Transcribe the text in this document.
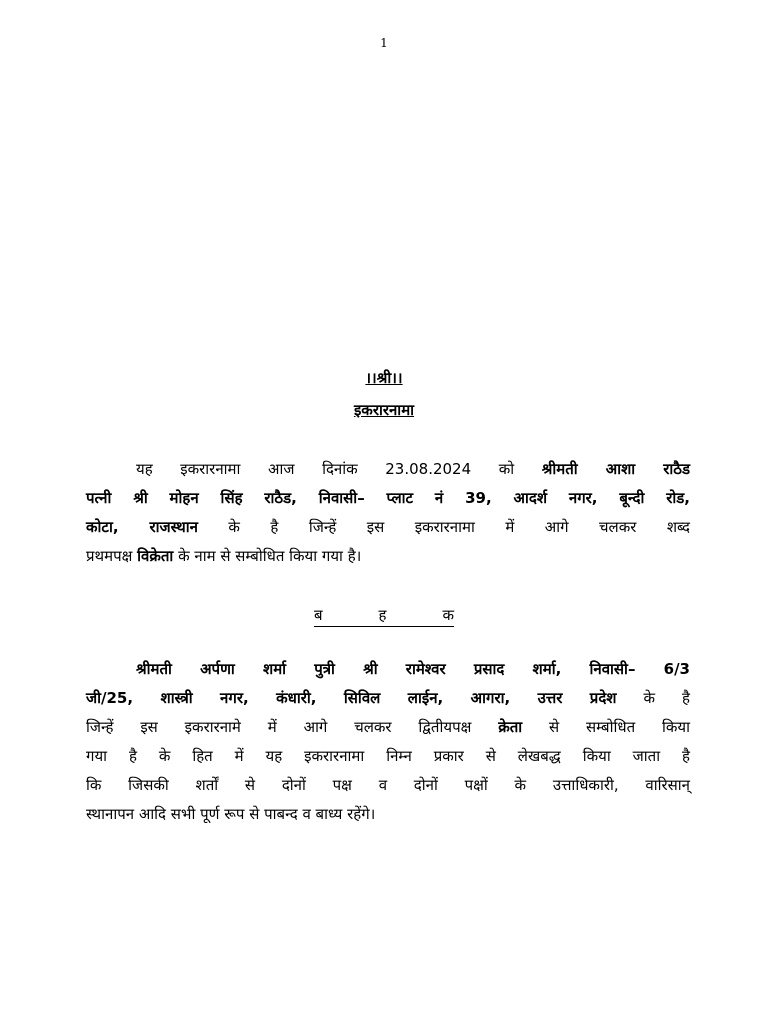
1
।।श्री।।
इकरारनामा
यह इकरारनामा आज दिनांक 23.08.2024 को श्रीमती आशा राठैड
पत्नी श्री मोहन सिंह राठैड, निवासी– प्लाट नं 39, आदर्श नगर, बून्दी रोड,
कोटा, राजस्थान के है जिन्हें इस इकरारनामा में आगे चलकर शब्द
प्रथमपक्ष विक्रेता के नाम से सम्बोधित किया गया है।
ब	ह	क
श्रीमती अर्पणा शर्मा पुत्री श्री रामेश्वर प्रसाद शर्मा, निवासी– 6/3
जी/25, शास्त्री नगर, कंधारी, सिविल लाईन, आगरा, उत्तर प्रदेश के है
जिन्हें इस इकरारनामे में आगे चलकर द्वितीयपक्ष क्रेता से सम्बोधित किया
गया है के हित में यह इकरारनामा निम्न प्रकार से लेखबद्ध किया जाता है
कि जिसकी शर्तों से दोनों पक्ष व दोनों पक्षों के उत्ताधिकारी, वारिसान्
स्थानापन आदि सभी पूर्ण रूप से पाबन्द व बाध्य रहेंगे।
